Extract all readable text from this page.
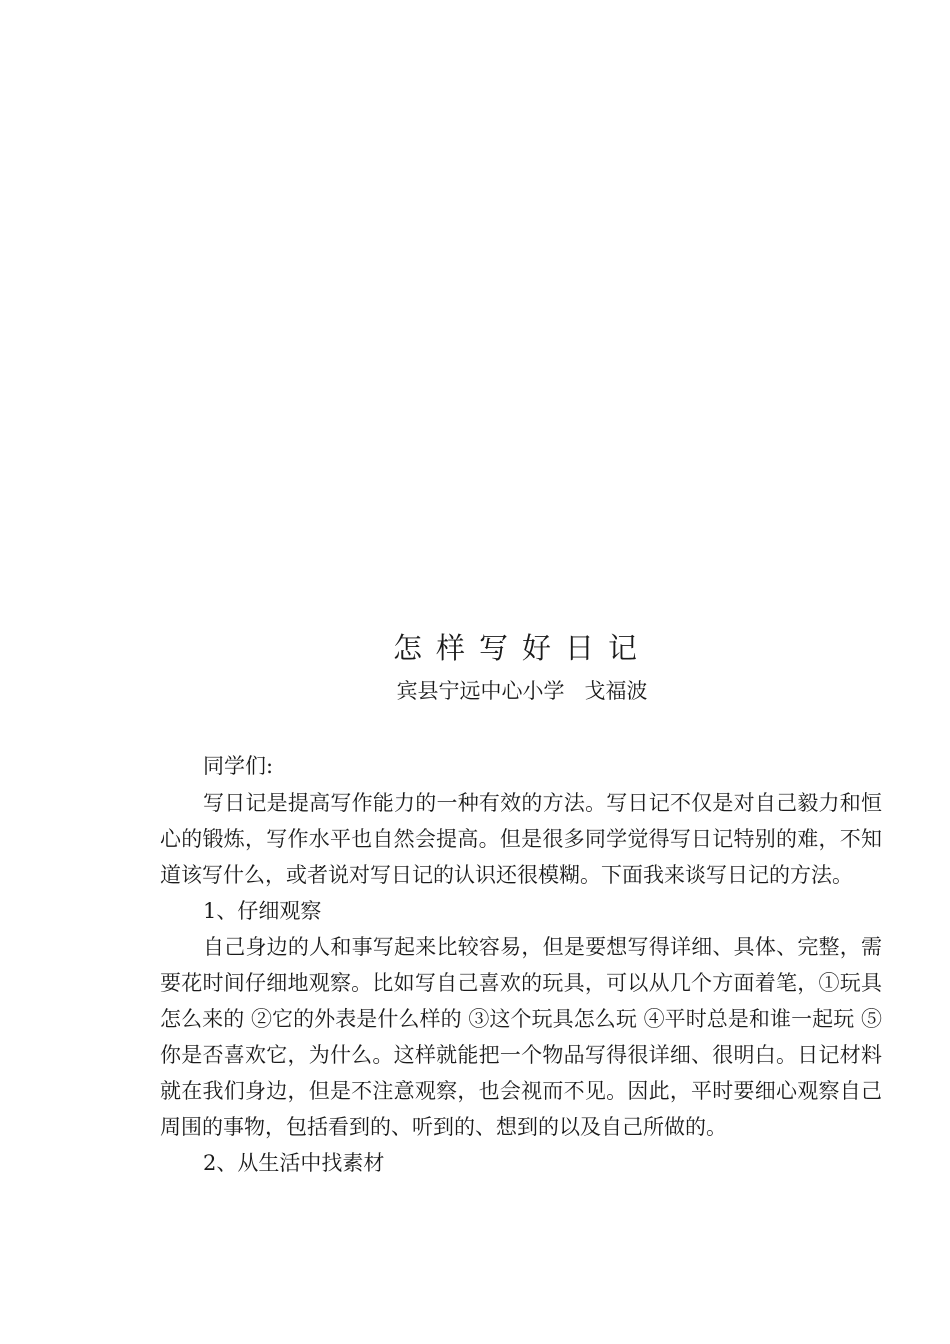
怎样写好日记
宾县宁远中心小学   戈福波

同学们:

写日记是提高写作能力的一种有效的方法。写日记不仅是对自己毅力和恒心的锻炼，写作水平也自然会提高。但是很多同学觉得写日记特别的难，不知道该写什么，或者说对写日记的认识还很模糊。下面我来谈写日记的方法。

1、仔细观察

自己身边的人和事写起来比较容易，但是要想写得详细、具体、完整，需要花时间仔细地观察。比如写自己喜欢的玩具，可以从几个方面着笔，①玩具怎么来的 ②它的外表是什么样的 ③这个玩具怎么玩 ④平时总是和谁一起玩 ⑤你是否喜欢它，为什么。这样就能把一个物品写得很详细、很明白。日记材料就在我们身边，但是不注意观察，也会视而不见。因此，平时要细心观察自己周围的事物，包括看到的、听到的、想到的以及自己所做的。

2、从生活中找素材
